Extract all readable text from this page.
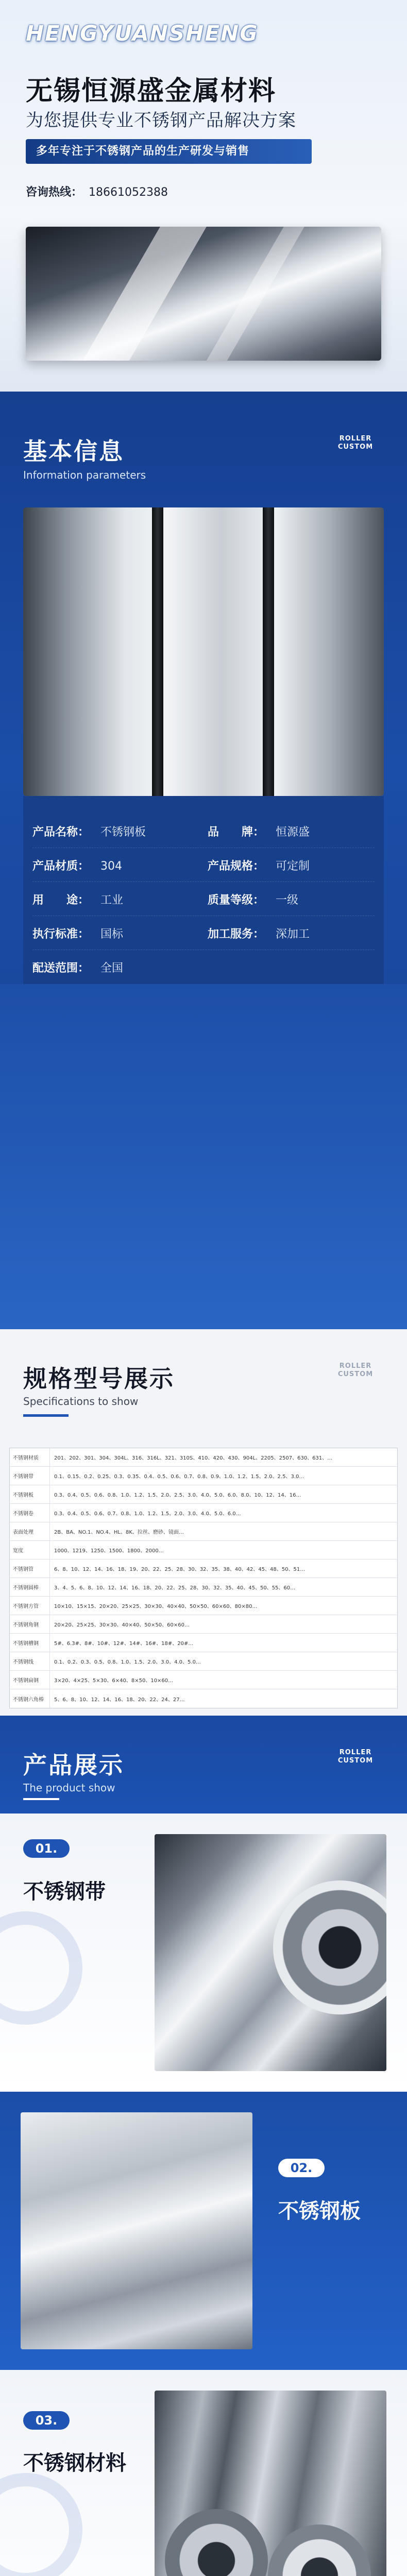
HENGYUANSHENG
无锡恒源盛金属材料
为您提供专业不锈钢产品解决方案
多年专注于不锈钢产品的生产研发与销售
咨询热线： 18661052388
基本信息
Information parameters
ROLLER CUSTOM
产品名称： 不锈钢板	品　　牌： 恒源盛
产品材质： 304	产品规格： 可定制
用　　途： 工业	质量等级： 一级
执行标准： 国标	加工服务： 深加工
配送范围： 全国
规格型号展示
Specifications to show
ROLLER CUSTOM
不锈钢材质	201、202、301、304、304L、316、316L、321、310S、410、420、430、904L、2205、2507、630、631、…
不锈钢带	0.1、0.15、0.2、0.25、0.3、0.35、0.4、0.5、0.6、0.7、0.8、0.9、1.0、1.2、1.5、2.0、2.5、3.0…
不锈钢板	0.3、0.4、0.5、0.6、0.8、1.0、1.2、1.5、2.0、2.5、3.0、4.0、5.0、6.0、8.0、10、12、14、16…
不锈钢卷	0.3、0.4、0.5、0.6、0.7、0.8、1.0、1.2、1.5、2.0、3.0、4.0、5.0、6.0…
表面处理	2B、BA、NO.1、NO.4、HL、8K、拉丝、磨砂、镜面…
宽度	1000、1219、1250、1500、1800、2000…
不锈钢管	6、8、10、12、14、16、18、19、20、22、25、28、30、32、35、38、40、42、45、48、50、51…
不锈钢圆棒	3、4、5、6、8、10、12、14、16、18、20、22、25、28、30、32、35、40、45、50、55、60…
不锈钢方管	10×10、15×15、20×20、25×25、30×30、40×40、50×50、60×60、80×80…
不锈钢角钢	20×20、25×25、30×30、40×40、50×50、60×60…
不锈钢槽钢	5#、6.3#、8#、10#、12#、14#、16#、18#、20#…
不锈钢线	0.1、0.2、0.3、0.5、0.8、1.0、1.5、2.0、3.0、4.0、5.0…
不锈钢扁钢	3×20、4×25、5×30、6×40、8×50、10×60…
不锈钢六角棒	5、6、8、10、12、14、16、18、20、22、24、27…
产品展示
The product show
ROLLER CUSTOM
01.
不锈钢带
02.
不锈钢板
03.
不锈钢材料
